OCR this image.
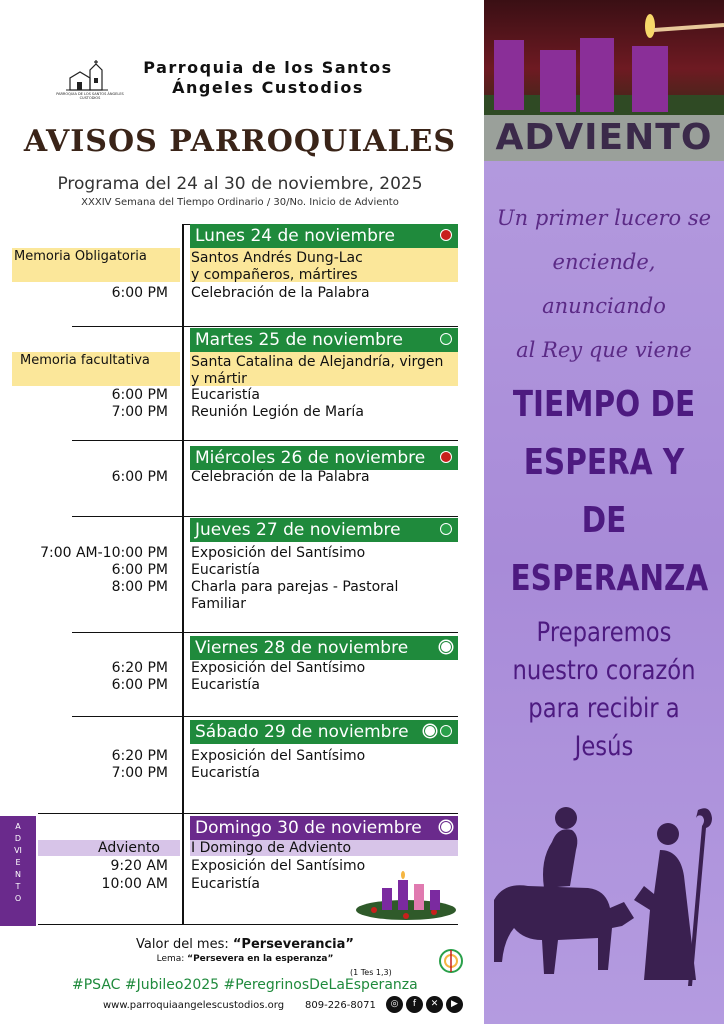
PARROQUIA DE LOS SANTOS ÁNGELES CUSTODIOS
Parroquia de los Santos
Ángeles Custodios
AVISOS PARROQUIALES
Programa del 24 al 30 de noviembre, 2025
XXXIV Semana del Tiempo Ordinario / 30/No. Inicio de Adviento
Lunes 24 de noviembre
Memoria Obligatoria	Santos Andrés Dung-Lac
y compañeros, mártires
6:00 PM Celebración de la Palabra
Martes 25 de noviembre
Memoria facultativa	Santa Catalina de Alejandría, virgen
y mártir
6:00 PM Eucaristía
7:00 PM Reunión Legión de María
Miércoles 26 de noviembre
6:00 PM Celebración de la Palabra
Jueves 27 de noviembre
7:00 AM-10:00 PM Exposición del Santísimo
6:00 PM Eucaristía
8:00 PM Charla para parejas - Pastoral
Familiar
Viernes 28 de noviembre
6:20 PM Exposición del Santísimo
6:00 PM Eucaristía
Sábado 29 de noviembre
6:20 PM Exposición del Santísimo
7:00 PM Eucaristía
ADVIENTO
Domingo 30 de noviembre
Adviento I Domingo de Adviento
9:20 AM Exposición del Santísimo
10:00 AM Eucaristía
Valor del mes: “Perseverancia”
Lema: “Persevera en la esperanza”
(1 Tes 1,3)
#PSAC #Jubileo2025 #PeregrinosDeLaEsperanza
www.parroquiaangelescustodios.org 809-226-8071	◎	f	✕	▶
ADVIENTO
Un primer lucero se
enciende, anunciando
al Rey que viene
TIEMPO DE
ESPERA Y DE
ESPERANZA
Preparemos
nuestro corazón
para recibir a
Jesús
